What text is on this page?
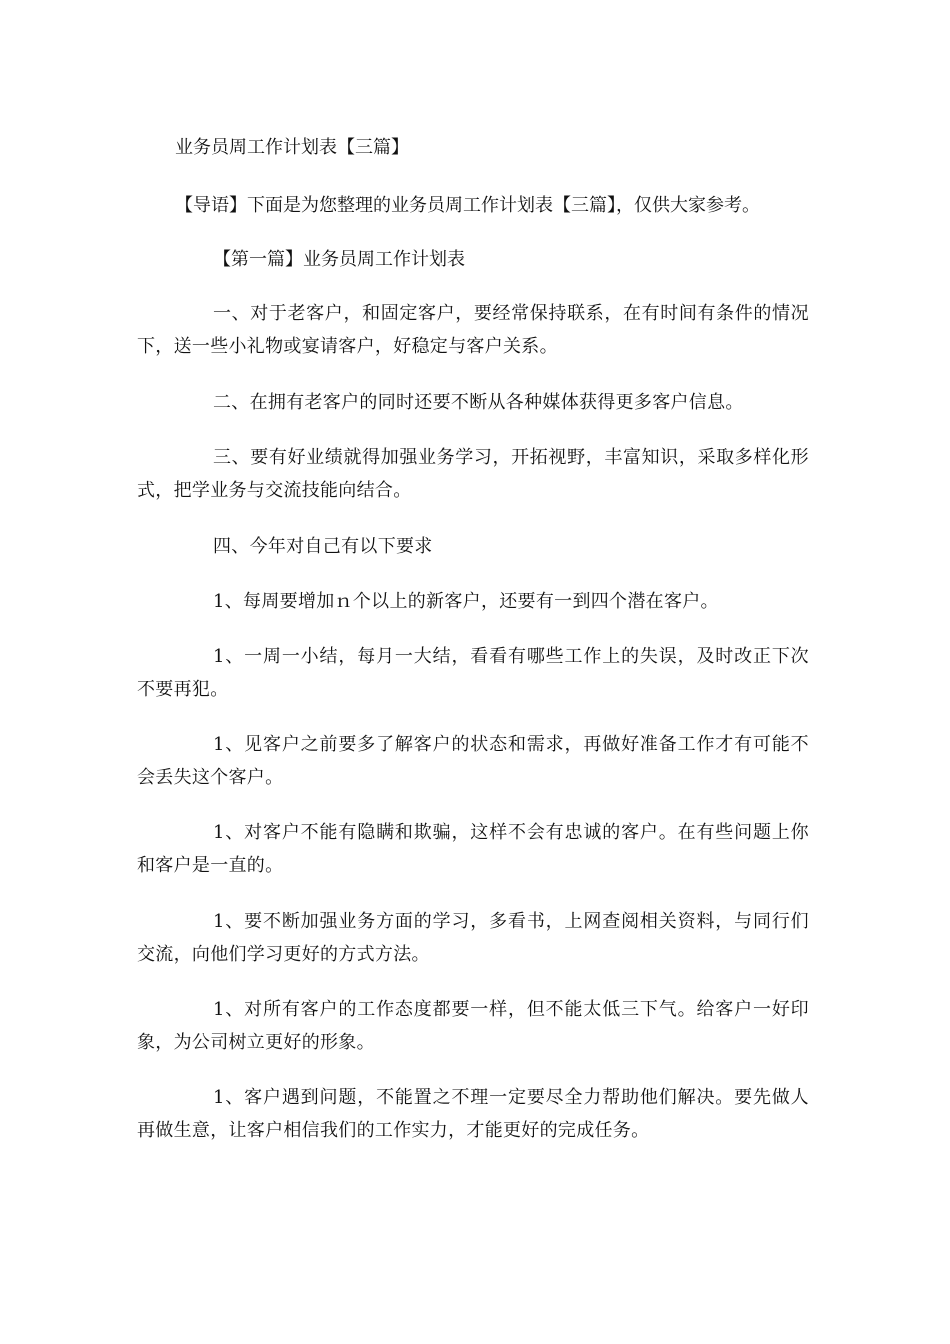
业务员周工作计划表【三篇】

【导语】下面是为您整理的业务员周工作计划表【三篇】，仅供大家参考。

【第一篇】业务员周工作计划表

一、对于老客户，和固定客户，要经常保持联系，在有时间有条件的情况下，送一些小礼物或宴请客户，好稳定与客户关系。

二、在拥有老客户的同时还要不断从各种媒体获得更多客户信息。

三、要有好业绩就得加强业务学习，开拓视野，丰富知识，采取多样化形式，把学业务与交流技能向结合。

四、今年对自己有以下要求

1、每周要增加ｎ个以上的新客户，还要有一到四个潜在客户。

1、一周一小结，每月一大结，看看有哪些工作上的失误，及时改正下次不要再犯。

1、见客户之前要多了解客户的状态和需求，再做好准备工作才有可能不会丢失这个客户。

1、对客户不能有隐瞒和欺骗，这样不会有忠诚的客户。在有些问题上你和客户是一直的。

1、要不断加强业务方面的学习，多看书，上网查阅相关资料，与同行们交流，向他们学习更好的方式方法。

1、对所有客户的工作态度都要一样，但不能太低三下气。给客户一好印象，为公司树立更好的形象。

1、客户遇到问题，不能置之不理一定要尽全力帮助他们解决。要先做人再做生意，让客户相信我们的工作实力，才能更好的完成任务。
